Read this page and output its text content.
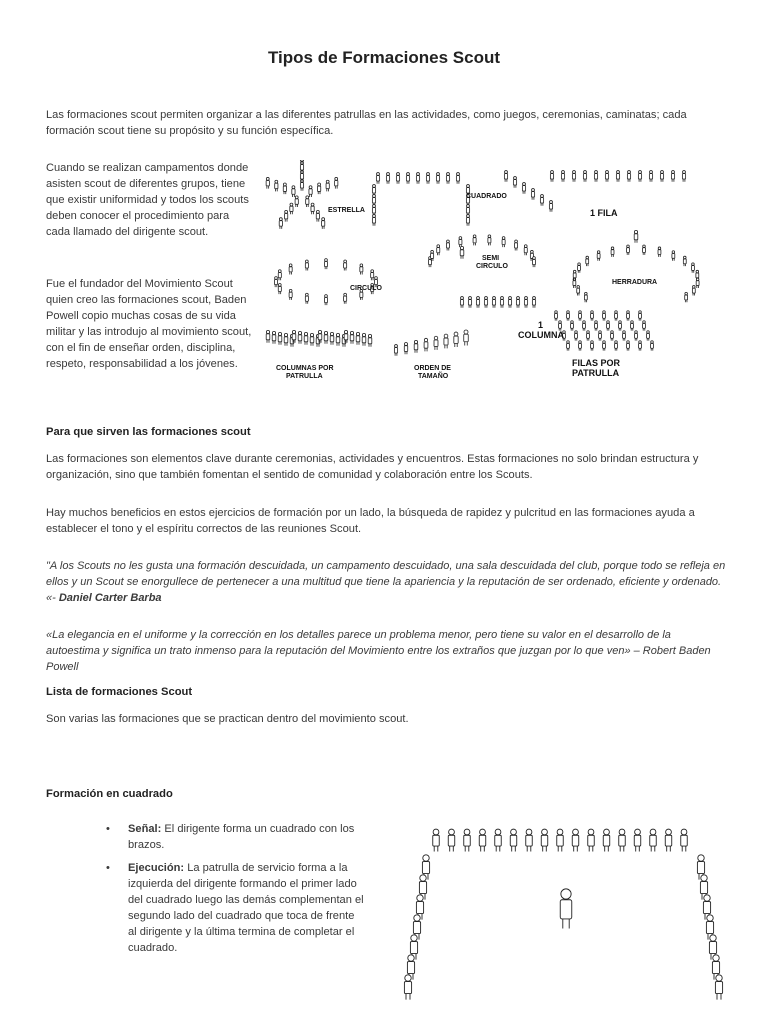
Tipos de Formaciones Scout

Las formaciones scout permiten organizar a las diferentes patrullas en las actividades, como juegos, ceremonias, caminatas; cada formación scout tiene su propósito y su función específica.

Cuando se realizan campamentos donde asisten scout de diferentes grupos, tiene que existir uniformidad y todos los scouts deben conocer el procedimiento para cada llamado del dirigente scout.

Fue el fundador del Movimiento Scout quien creo las formaciones scout, Baden Powell copio muchas cosas de su vida militar y las introdujo al movimiento scout, con el fin de enseñar orden, disciplina, respeto, responsabilidad a los jóvenes.

ESTRELLA
CUADRADO
1 FILA
CIRCULO
SEMI
CIRCULO
HERRADURA
1
COLUMNA
COLUMNAS POR
PATRULLA
ORDEN DE
TAMAÑO
FILAS POR
PATRULLA
Para que sirven las formaciones scout

Las formaciones son elementos clave durante ceremonias, actividades y encuentros. Estas formaciones no solo brindan estructura y organización, sino que también fomentan el sentido de comunidad y colaboración entre los Scouts.

Hay muchos beneficios en estos ejercicios de formación por un lado, la búsqueda de rapidez y pulcritud en las formaciones ayuda a establecer el tono y el espíritu correctos de las reuniones Scout.

"A los Scouts no les gusta una formación descuidada, un campamento descuidado, una sala descuidada del club, porque todo se refleja en ellos y un Scout se enorgullece de pertenecer a una multitud que tiene la apariencia y la reputación de ser ordenado, eficiente y ordenado. «- Daniel Carter Barba

«La elegancia en el uniforme y la corrección en los detalles parece un problema menor, pero tiene su valor en el desarrollo de la autoestima y significa un trato inmenso para la reputación del Movimiento entre los extraños que juzgan por lo que ven» – Robert Baden Powell

Lista de formaciones Scout

Son varias las formaciones que se practican dentro del movimiento scout.

Formación en cuadrado
• Señal: El dirigente forma un cuadrado con los brazos.
• Ejecución: La patrulla de servicio forma a la izquierda del dirigente formando el primer lado del cuadrado luego las demás complementan el segundo lado del cuadrado que toca de frente al dirigente y la última termina de completar el cuadrado.
